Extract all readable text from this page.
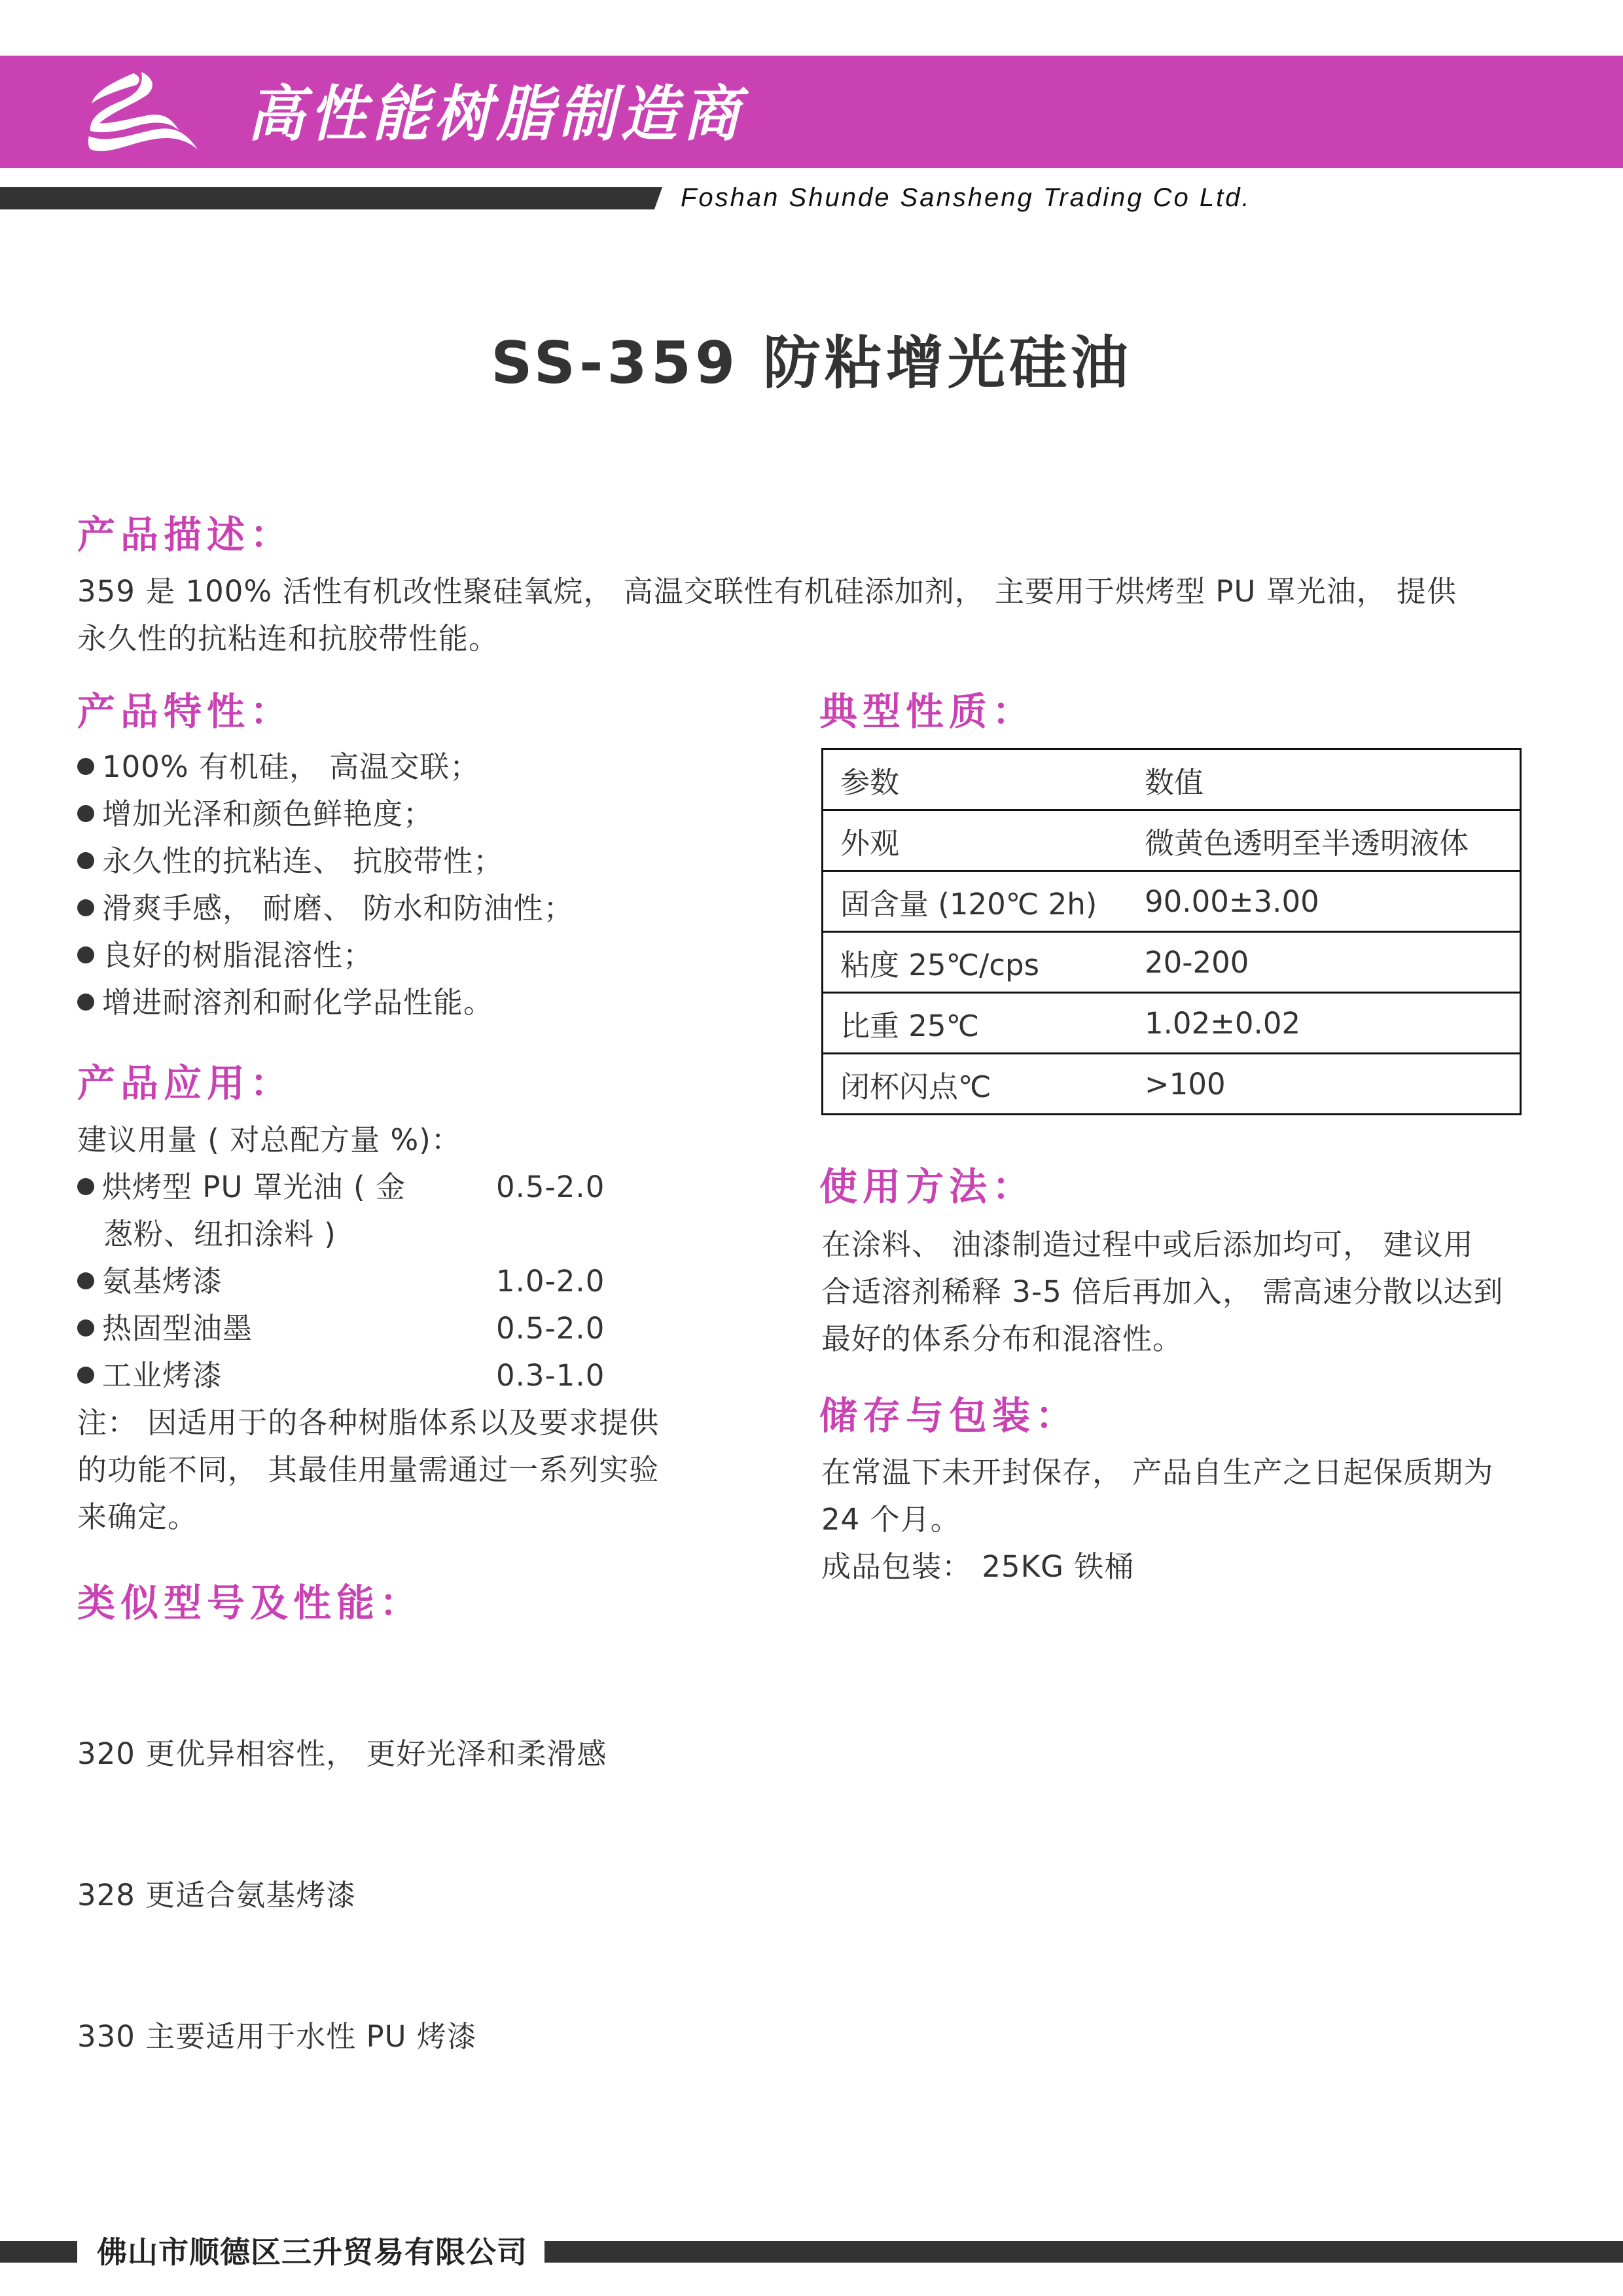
高性能树脂制造商
Foshan Shunde Sansheng Trading Co Ltd.
SS-359 防粘增光硅油
产品描述：
359 是 100% 活性有机改性聚硅氧烷， 高温交联性有机硅添加剂， 主要用于烘烤型 PU 罩光油， 提供
永久性的抗粘连和抗胶带性能。
产品特性：
100% 有机硅， 高温交联；
增加光泽和颜色鲜艳度；
永久性的抗粘连、 抗胶带性；
滑爽手感， 耐磨、 防水和防油性；
良好的树脂混溶性；
增进耐溶剂和耐化学品性能。
产品应用：
建议用量 ( 对总配方量 %)：
烘烤型 PU 罩光油 ( 金	0.5-2.0
葱粉、纽扣涂料 )
氨基烤漆	1.0-2.0
热固型油墨	0.5-2.0
工业烤漆	0.3-1.0
注： 因适用于的各种树脂体系以及要求提供
的功能不同， 其最佳用量需通过一系列实验
来确定。
类似型号及性能：

320 更优异相容性， 更好光泽和柔滑感

328 更适合氨基烤漆

330 主要适用于水性 PU 烤漆

典型性质：
参数	数值
外观	微黄色透明至半透明液体
固含量 (120℃ 2h)	90.00±3.00
粘度 25℃/cps	20-200
比重 25℃	1.02±0.02
闭杯闪点℃	>100
使用方法：
在涂料、 油漆制造过程中或后添加均可， 建议用
合适溶剂稀释 3-5 倍后再加入， 需高速分散以达到
最好的体系分布和混溶性。
储存与包装：
在常温下未开封保存， 产品自生产之日起保质期为
24 个月。
成品包装： 25KG 铁桶
佛山市顺德区三升贸易有限公司
